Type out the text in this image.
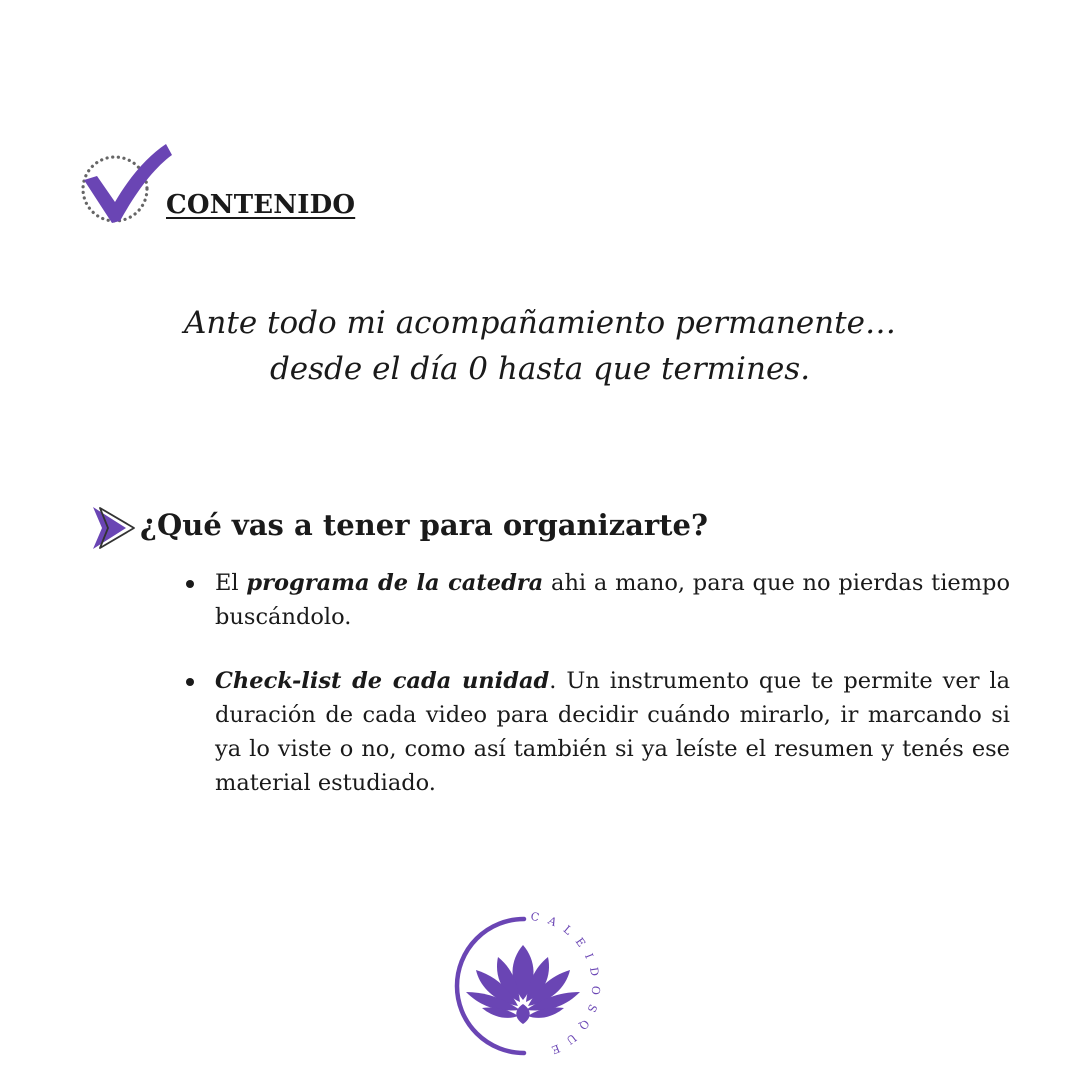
CONTENIDO
Ante todo mi acompañamiento permanente…
desde el día 0 hasta que termines.
¿Qué vas a tener para organizarte?
El programa de la catedra ahi a mano, para que no pierdas tiempo buscándolo.
Check-list de cada unidad. Un instrumento que te permite ver la duración de cada video para decidir cuándo mirarlo, ir marcando si ya lo viste o no, como así también si ya leíste el resumen y tenés ese material estudiado.
CALEIDOSQUE
